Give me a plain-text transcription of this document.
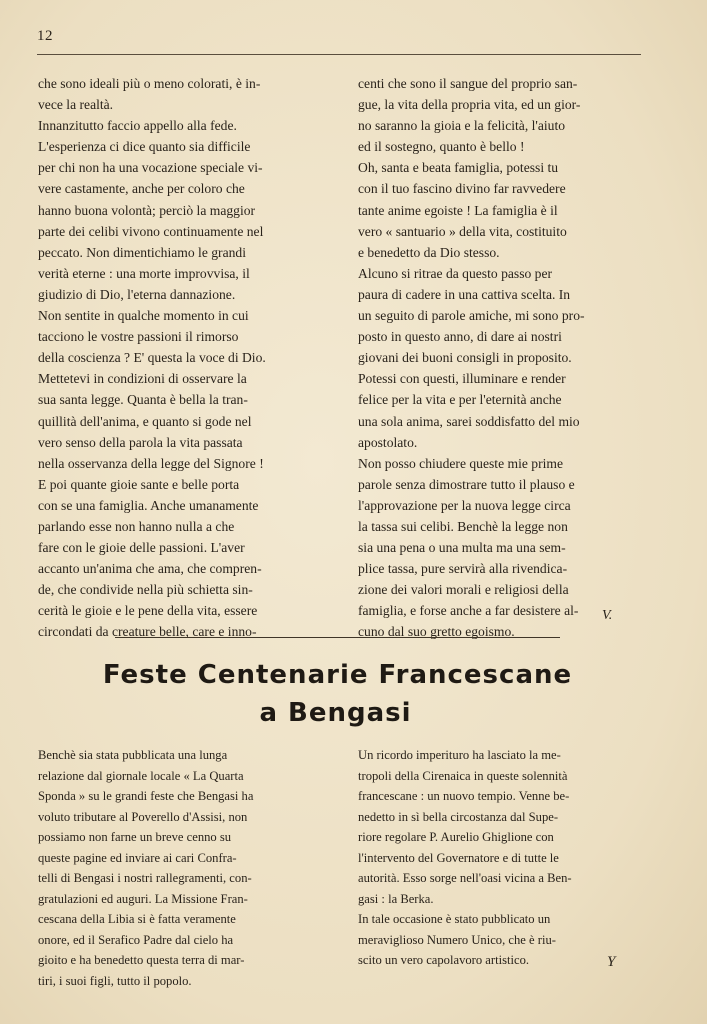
12
che sono ideali più o meno colorati, è in-
vece la realtà.
Innanzitutto faccio appello alla fede.
L'esperienza ci dice quanto sia difficile
per chi non ha una vocazione speciale vi-
vere castamente, anche per coloro che
hanno buona volontà; perciò la maggior
parte dei celibi vivono continuamente nel
peccato. Non dimentichiamo le grandi
verità eterne : una morte improvvisa, il
giudizio di Dio, l'eterna dannazione.
Non sentite in qualche momento in cui
tacciono le vostre passioni il rimorso
della coscienza ? E' questa la voce di Dio.
Mettetevi in condizioni di osservare la
sua santa legge. Quanta è bella la tran-
quillità dell'anima, e quanto si gode nel
vero senso della parola la vita passata
nella osservanza della legge del Signore !
E poi quante gioie sante e belle porta
con se una famiglia. Anche umanamente
parlando esse non hanno nulla a che
fare con le gioie delle passioni. L'aver
accanto un'anima che ama, che compren-
de, che condivide nella più schietta sin-
cerità le gioie e le pene della vita, essere
circondati da creature belle, care e inno-
centi che sono il sangue del proprio san-
gue, la vita della propria vita, ed un gior-
no saranno la gioia e la felicità, l'aiuto
ed il sostegno, quanto è bello !
Oh, santa e beata famiglia, potessi tu
con il tuo fascino divino far ravvedere
tante anime egoiste ! La famiglia è il
vero « santuario » della vita, costituito
e benedetto da Dio stesso.
Alcuno si ritrae da questo passo per
paura di cadere in una cattiva scelta. In
un seguito di parole amiche, mi sono pro-
posto in questo anno, di dare ai nostri
giovani dei buoni consigli in proposito.
Potessi con questi, illuminare e render
felice per la vita e per l'eternità anche
una sola anima, sarei soddisfatto del mio
apostolato.
Non posso chiudere queste mie prime
parole senza dimostrare tutto il plauso e
l'approvazione per la nuova legge circa
la tassa sui celibi. Benchè la legge non
sia una pena o una multa ma una sem-
plice tassa, pure servirà alla rivendica-
zione dei valori morali e religiosi della
famiglia, e forse anche a far desistere al-
cuno dal suo gretto egoismo.
V.
Feste Centenarie Francescane
a Bengasi
Benchè sia stata pubblicata una lunga
relazione dal giornale locale « La Quarta
Sponda » su le grandi feste che Bengasi ha
voluto tributare al Poverello d'Assisi, non
possiamo non farne un breve cenno su
queste pagine ed inviare ai cari Confra-
telli di Bengasi i nostri rallegramenti, con-
gratulazioni ed auguri. La Missione Fran-
cescana della Libia si è fatta veramente
onore, ed il Serafico Padre dal cielo ha
gioito e ha benedetto questa terra di mar-
tiri, i suoi figli, tutto il popolo.
Un ricordo imperituro ha lasciato la me-
tropoli della Cirenaica in queste solennità
francescane : un nuovo tempio. Venne be-
nedetto in sì bella circostanza dal Supe-
riore regolare P. Aurelio Ghiglione con
l'intervento del Governatore e di tutte le
autorità. Esso sorge nell'oasi vicina a Ben-
gasi : la Berka.
In tale occasione è stato pubblicato un
meraviglioso Numero Unico, che è riu-
scito un vero capolavoro artistico.	Y
